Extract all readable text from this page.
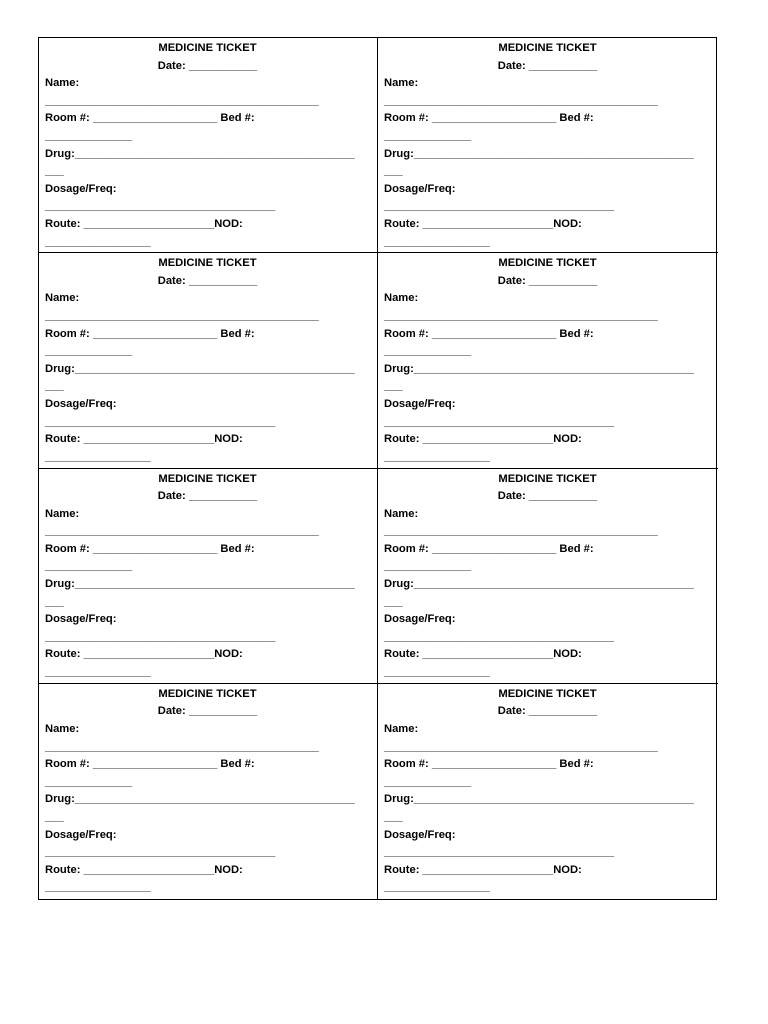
MEDICINE TICKET
Date: ___________
Name:
____________________________________________
Room #: ____________________ Bed #:
______________
Drug:_____________________________________________
___
Dosage/Freq:
_____________________________________
Route: _____________________NOD:
_________________
MEDICINE TICKET
Date: ___________
Name:
____________________________________________
Room #: ____________________ Bed #:
______________
Drug:_____________________________________________
___
Dosage/Freq:
_____________________________________
Route: _____________________NOD:
_________________
MEDICINE TICKET
Date: ___________
Name:
____________________________________________
Room #: ____________________ Bed #:
______________
Drug:_____________________________________________
___
Dosage/Freq:
_____________________________________
Route: _____________________NOD:
_________________
MEDICINE TICKET
Date: ___________
Name:
____________________________________________
Room #: ____________________ Bed #:
______________
Drug:_____________________________________________
___
Dosage/Freq:
_____________________________________
Route: _____________________NOD:
_________________
MEDICINE TICKET
Date: ___________
Name:
____________________________________________
Room #: ____________________ Bed #:
______________
Drug:_____________________________________________
___
Dosage/Freq:
_____________________________________
Route: _____________________NOD:
_________________
MEDICINE TICKET
Date: ___________
Name:
____________________________________________
Room #: ____________________ Bed #:
______________
Drug:_____________________________________________
___
Dosage/Freq:
_____________________________________
Route: _____________________NOD:
_________________
MEDICINE TICKET
Date: ___________
Name:
____________________________________________
Room #: ____________________ Bed #:
______________
Drug:_____________________________________________
___
Dosage/Freq:
_____________________________________
Route: _____________________NOD:
_________________
MEDICINE TICKET
Date: ___________
Name:
____________________________________________
Room #: ____________________ Bed #:
______________
Drug:_____________________________________________
___
Dosage/Freq:
_____________________________________
Route: _____________________NOD:
_________________
